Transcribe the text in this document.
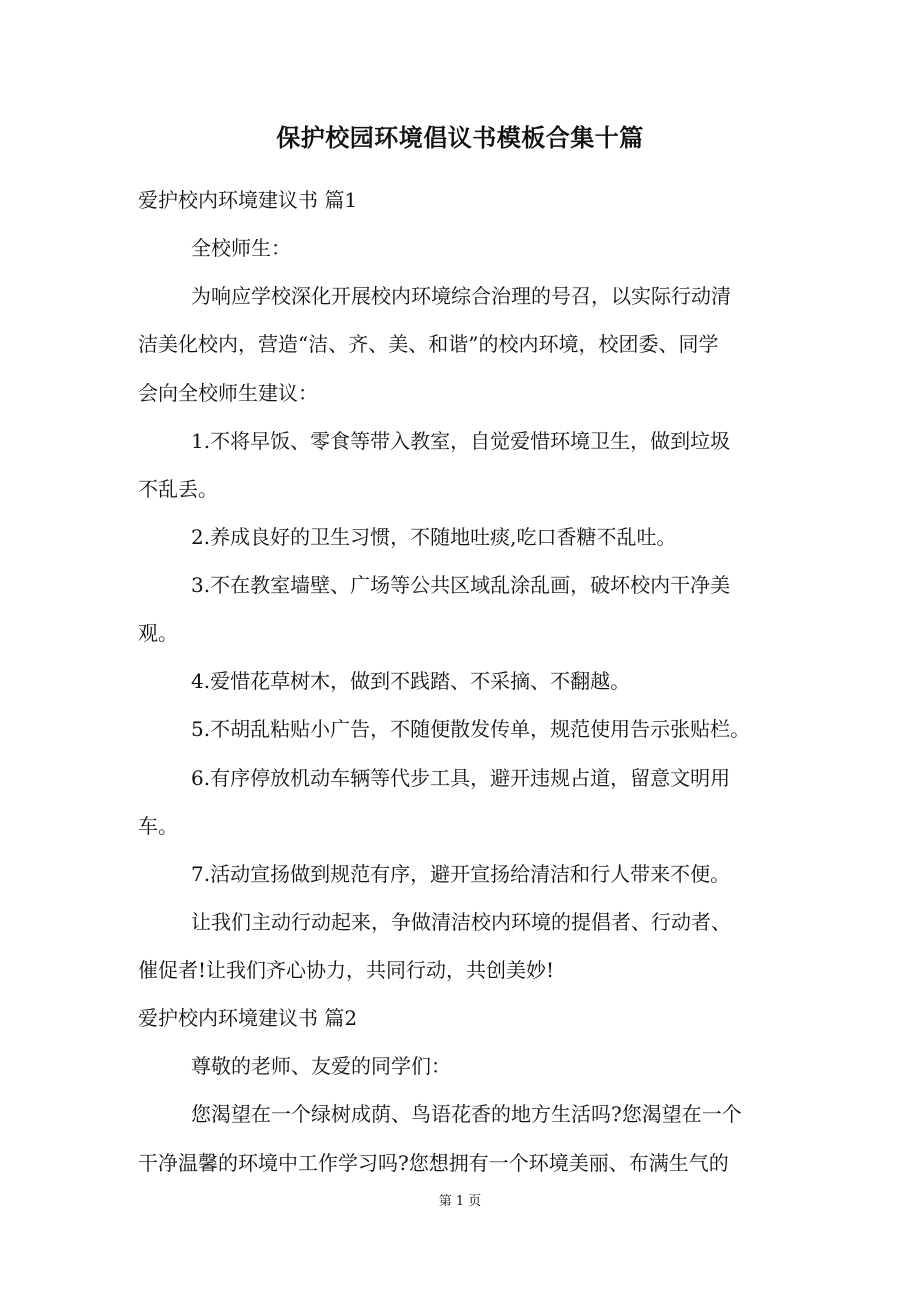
保护校园环境倡议书模板合集十篇

爱护校内环境建议书 篇1

全校师生：

为响应学校深化开展校内环境综合治理的号召，以实际行动清

洁美化校内，营造“洁、齐、美、和谐”的校内环境，校团委、同学

会向全校师生建议：

1.不将早饭、零食等带入教室，自觉爱惜环境卫生，做到垃圾

不乱丢。

2.养成良好的卫生习惯，不随地吐痰,吃口香糖不乱吐。

3.不在教室墙壁、广场等公共区域乱涂乱画，破坏校内干净美

观。

4.爱惜花草树木，做到不践踏、不采摘、不翻越。

5.不胡乱粘贴小广告，不随便散发传单，规范使用告示张贴栏。

6.有序停放机动车辆等代步工具，避开违规占道，留意文明用

车。

7.活动宣扬做到规范有序，避开宣扬给清洁和行人带来不便。

让我们主动行动起来，争做清洁校内环境的提倡者、行动者、

催促者!让我们齐心协力，共同行动，共创美妙!

爱护校内环境建议书 篇2

尊敬的老师、友爱的同学们：

您渴望在一个绿树成荫、鸟语花香的地方生活吗?您渴望在一个

干净温馨的环境中工作学习吗?您想拥有一个环境美丽、布满生气的

第 1 页
